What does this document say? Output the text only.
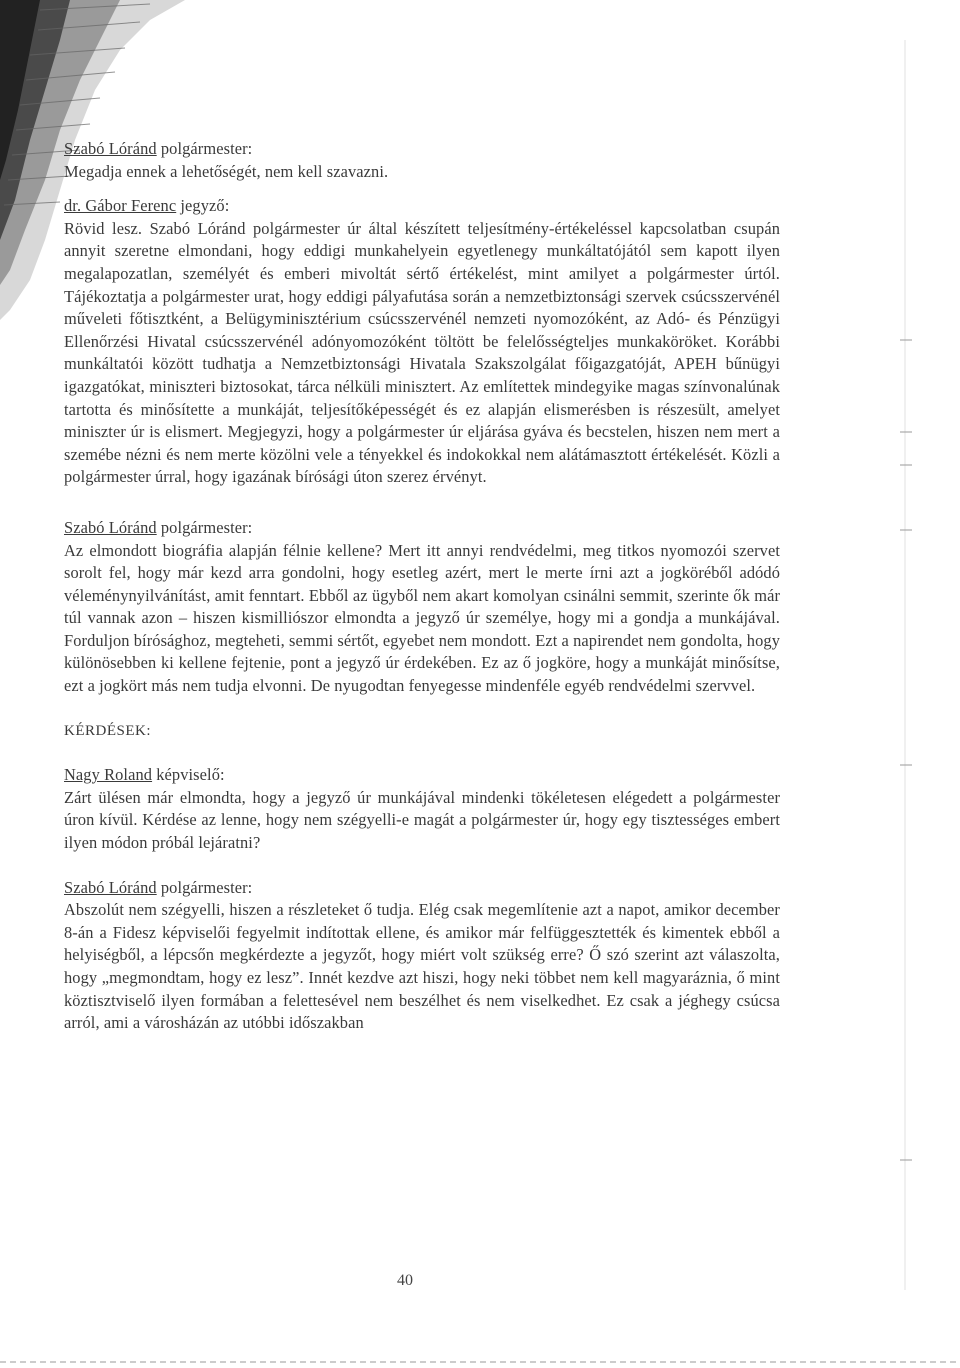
Szabó Lóránd polgármester:

Megadja ennek a lehetőségét, nem kell szavazni.

dr. Gábor Ferenc jegyző:

Rövid lesz. Szabó Lóránd polgármester úr által készített teljesítmény-értékeléssel kapcsolatban csupán annyit szeretne elmondani, hogy eddigi munkahelyein egyetlenegy munkáltatójától sem kapott ilyen megalapozatlan, személyét és emberi mivoltát sértő értékelést, mint amilyet a polgármester úrtól. Tájékoztatja a polgármester urat, hogy eddigi pályafutása során a nemzetbiztonsági szervek csúcsszervénél műveleti főtisztként, a Belügyminisztérium csúcsszervénél nemzeti nyomozóként, az Adó- és Pénzügyi Ellenőrzési Hivatal csúcsszervénél adónyomozóként töltött be felelősségteljes munkaköröket. Korábbi munkáltatói között tudhatja a Nemzetbiztonsági Hivatala Szakszolgálat főigazgatóját, APEH bűnügyi igazgatókat, miniszteri biztosokat, tárca nélküli minisztert. Az említettek mindegyike magas színvonalúnak tartotta és minősítette a munkáját, teljesítőképességét és ez alapján elismerésben is részesült, amelyet miniszter úr is elismert. Megjegyzi, hogy a polgármester úr eljárása gyáva és becstelen, hiszen nem mert a szemébe nézni és nem merte közölni vele a tényekkel és indokokkal nem alátámasztott értékelését. Közli a polgármester úrral, hogy igazának bírósági úton szerez érvényt.

Szabó Lóránd polgármester:

Az elmondott biográfia alapján félnie kellene? Mert itt annyi rendvédelmi, meg titkos nyomozói szervet sorolt fel, hogy már kezd arra gondolni, hogy esetleg azért, mert le merte írni azt a jogköréből adódó véleménynyilvánítást, amit fenntart. Ebből az ügyből nem akart komolyan csinálni semmit, szerinte ők már túl vannak azon – hiszen kismilliószor elmondta a jegyző úr személye, hogy mi a gondja a munkájával. Forduljon bírósághoz, megteheti, semmi sértőt, egyebet nem mondott. Ezt a napirendet nem gondolta, hogy különösebben ki kellene fejtenie, pont a jegyző úr érdekében. Ez az ő jogköre, hogy a munkáját minősítse, ezt a jogkört más nem tudja elvonni. De nyugodtan fenyegesse mindenféle egyéb rendvédelmi szervvel.

KÉRDÉSEK:

Nagy Roland képviselő:

Zárt ülésen már elmondta, hogy a jegyző úr munkájával mindenki tökéletesen elégedett a polgármester úron kívül. Kérdése az lenne, hogy nem szégyelli-e magát a polgármester úr, hogy egy tisztességes embert ilyen módon próbál lejáratni?

Szabó Lóránd polgármester:

Abszolút nem szégyelli, hiszen a részleteket ő tudja. Elég csak megemlítenie azt a napot, amikor december 8-án a Fidesz képviselői fegyelmit indítottak ellene, és amikor már felfüggesztették és kimentek ebből a helyiségből, a lépcsőn megkérdezte a jegyzőt, hogy miért volt szükség erre? Ő szó szerint azt válaszolta, hogy „megmondtam, hogy ez lesz”. Innét kezdve azt hiszi, hogy neki többet nem kell magyaráznia, ő mint köztisztviselő ilyen formában a felettesével nem beszélhet és nem viselkedhet. Ez csak a jéghegy csúcsa arról, ami a városházán az utóbbi időszakban

40
